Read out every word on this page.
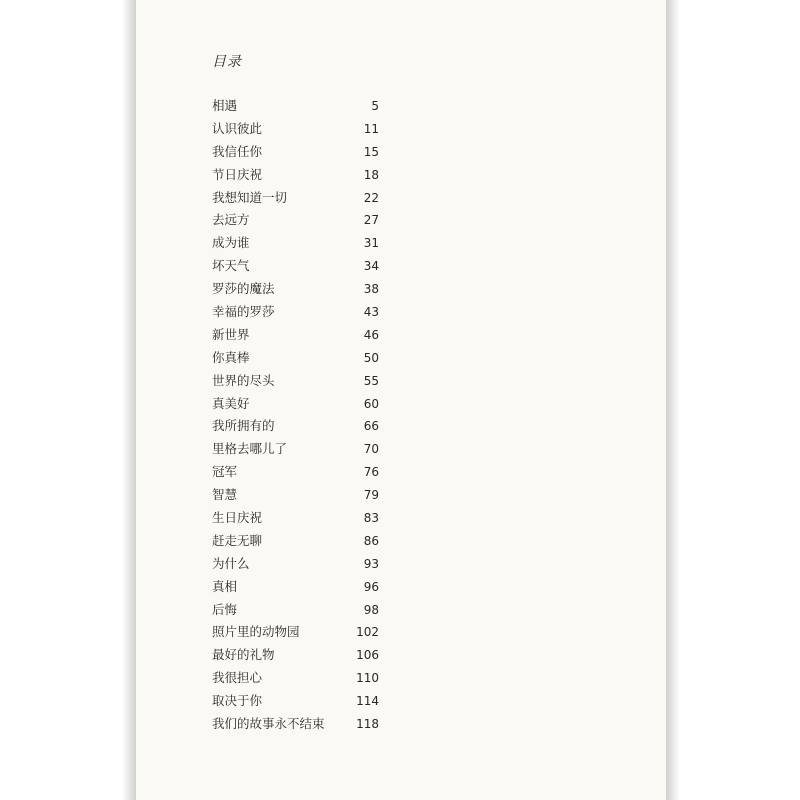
目录
相遇	5
认识彼此	11
我信任你	15
节日庆祝	18
我想知道一切	22
去远方	27
成为谁	31
坏天气	34
罗莎的魔法	38
幸福的罗莎	43
新世界	46
你真棒	50
世界的尽头	55
真美好	60
我所拥有的	66
里格去哪儿了	70
冠军	76
智慧	79
生日庆祝	83
赶走无聊	86
为什么	93
真相	96
后悔	98
照片里的动物园	102
最好的礼物	106
我很担心	110
取决于你	114
我们的故事永不结束	118
